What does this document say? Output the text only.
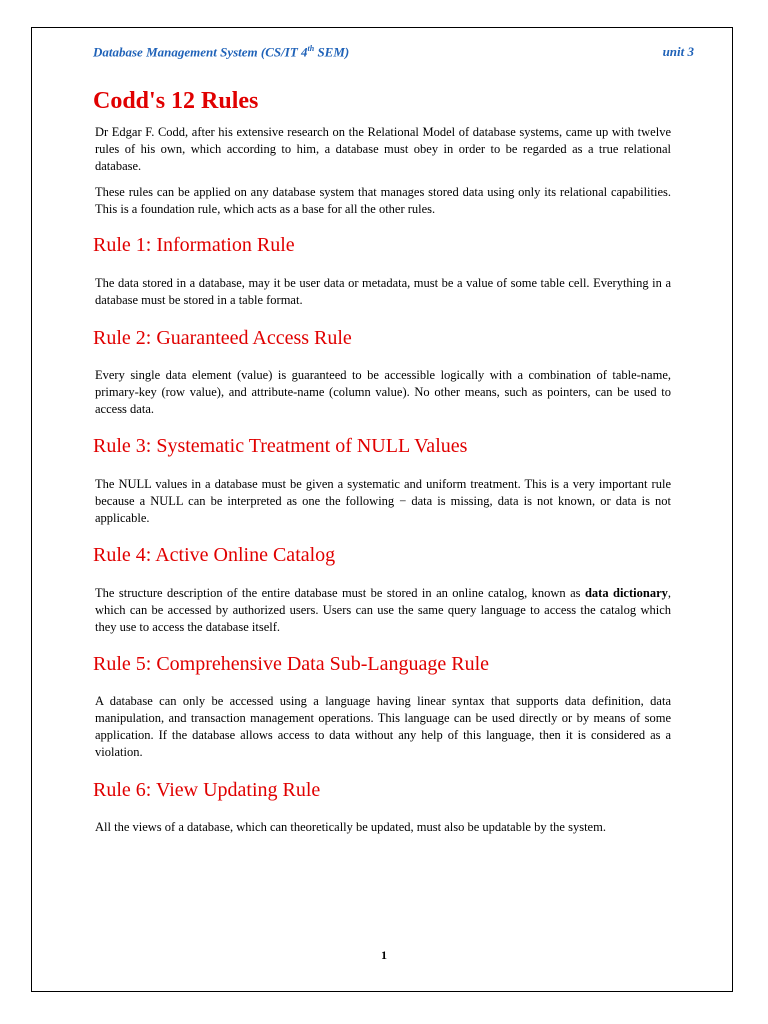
Database Management System (CS/IT 4th SEM)	unit 3
Codd's 12 Rules

Dr Edgar F. Codd, after his extensive research on the Relational Model of database systems, came up with twelve rules of his own, which according to him, a database must obey in order to be regarded as a true relational database.

These rules can be applied on any database system that manages stored data using only its relational capabilities. This is a foundation rule, which acts as a base for all the other rules.

Rule 1: Information Rule

The data stored in a database, may it be user data or metadata, must be a value of some table cell. Everything in a database must be stored in a table format.

Rule 2: Guaranteed Access Rule

Every single data element (value) is guaranteed to be accessible logically with a combination of table-name, primary-key (row value), and attribute-name (column value). No other means, such as pointers, can be used to access data.

Rule 3: Systematic Treatment of NULL Values

The NULL values in a database must be given a systematic and uniform treatment. This is a very important rule because a NULL can be interpreted as one the following − data is missing, data is not known, or data is not applicable.

Rule 4: Active Online Catalog

The structure description of the entire database must be stored in an online catalog, known as data dictionary, which can be accessed by authorized users. Users can use the same query language to access the catalog which they use to access the database itself.

Rule 5: Comprehensive Data Sub-Language Rule

A database can only be accessed using a language having linear syntax that supports data definition, data manipulation, and transaction management operations. This language can be used directly or by means of some application. If the database allows access to data without any help of this language, then it is considered as a violation.

Rule 6: View Updating Rule

All the views of a database, which can theoretically be updated, must also be updatable by the system.

1
